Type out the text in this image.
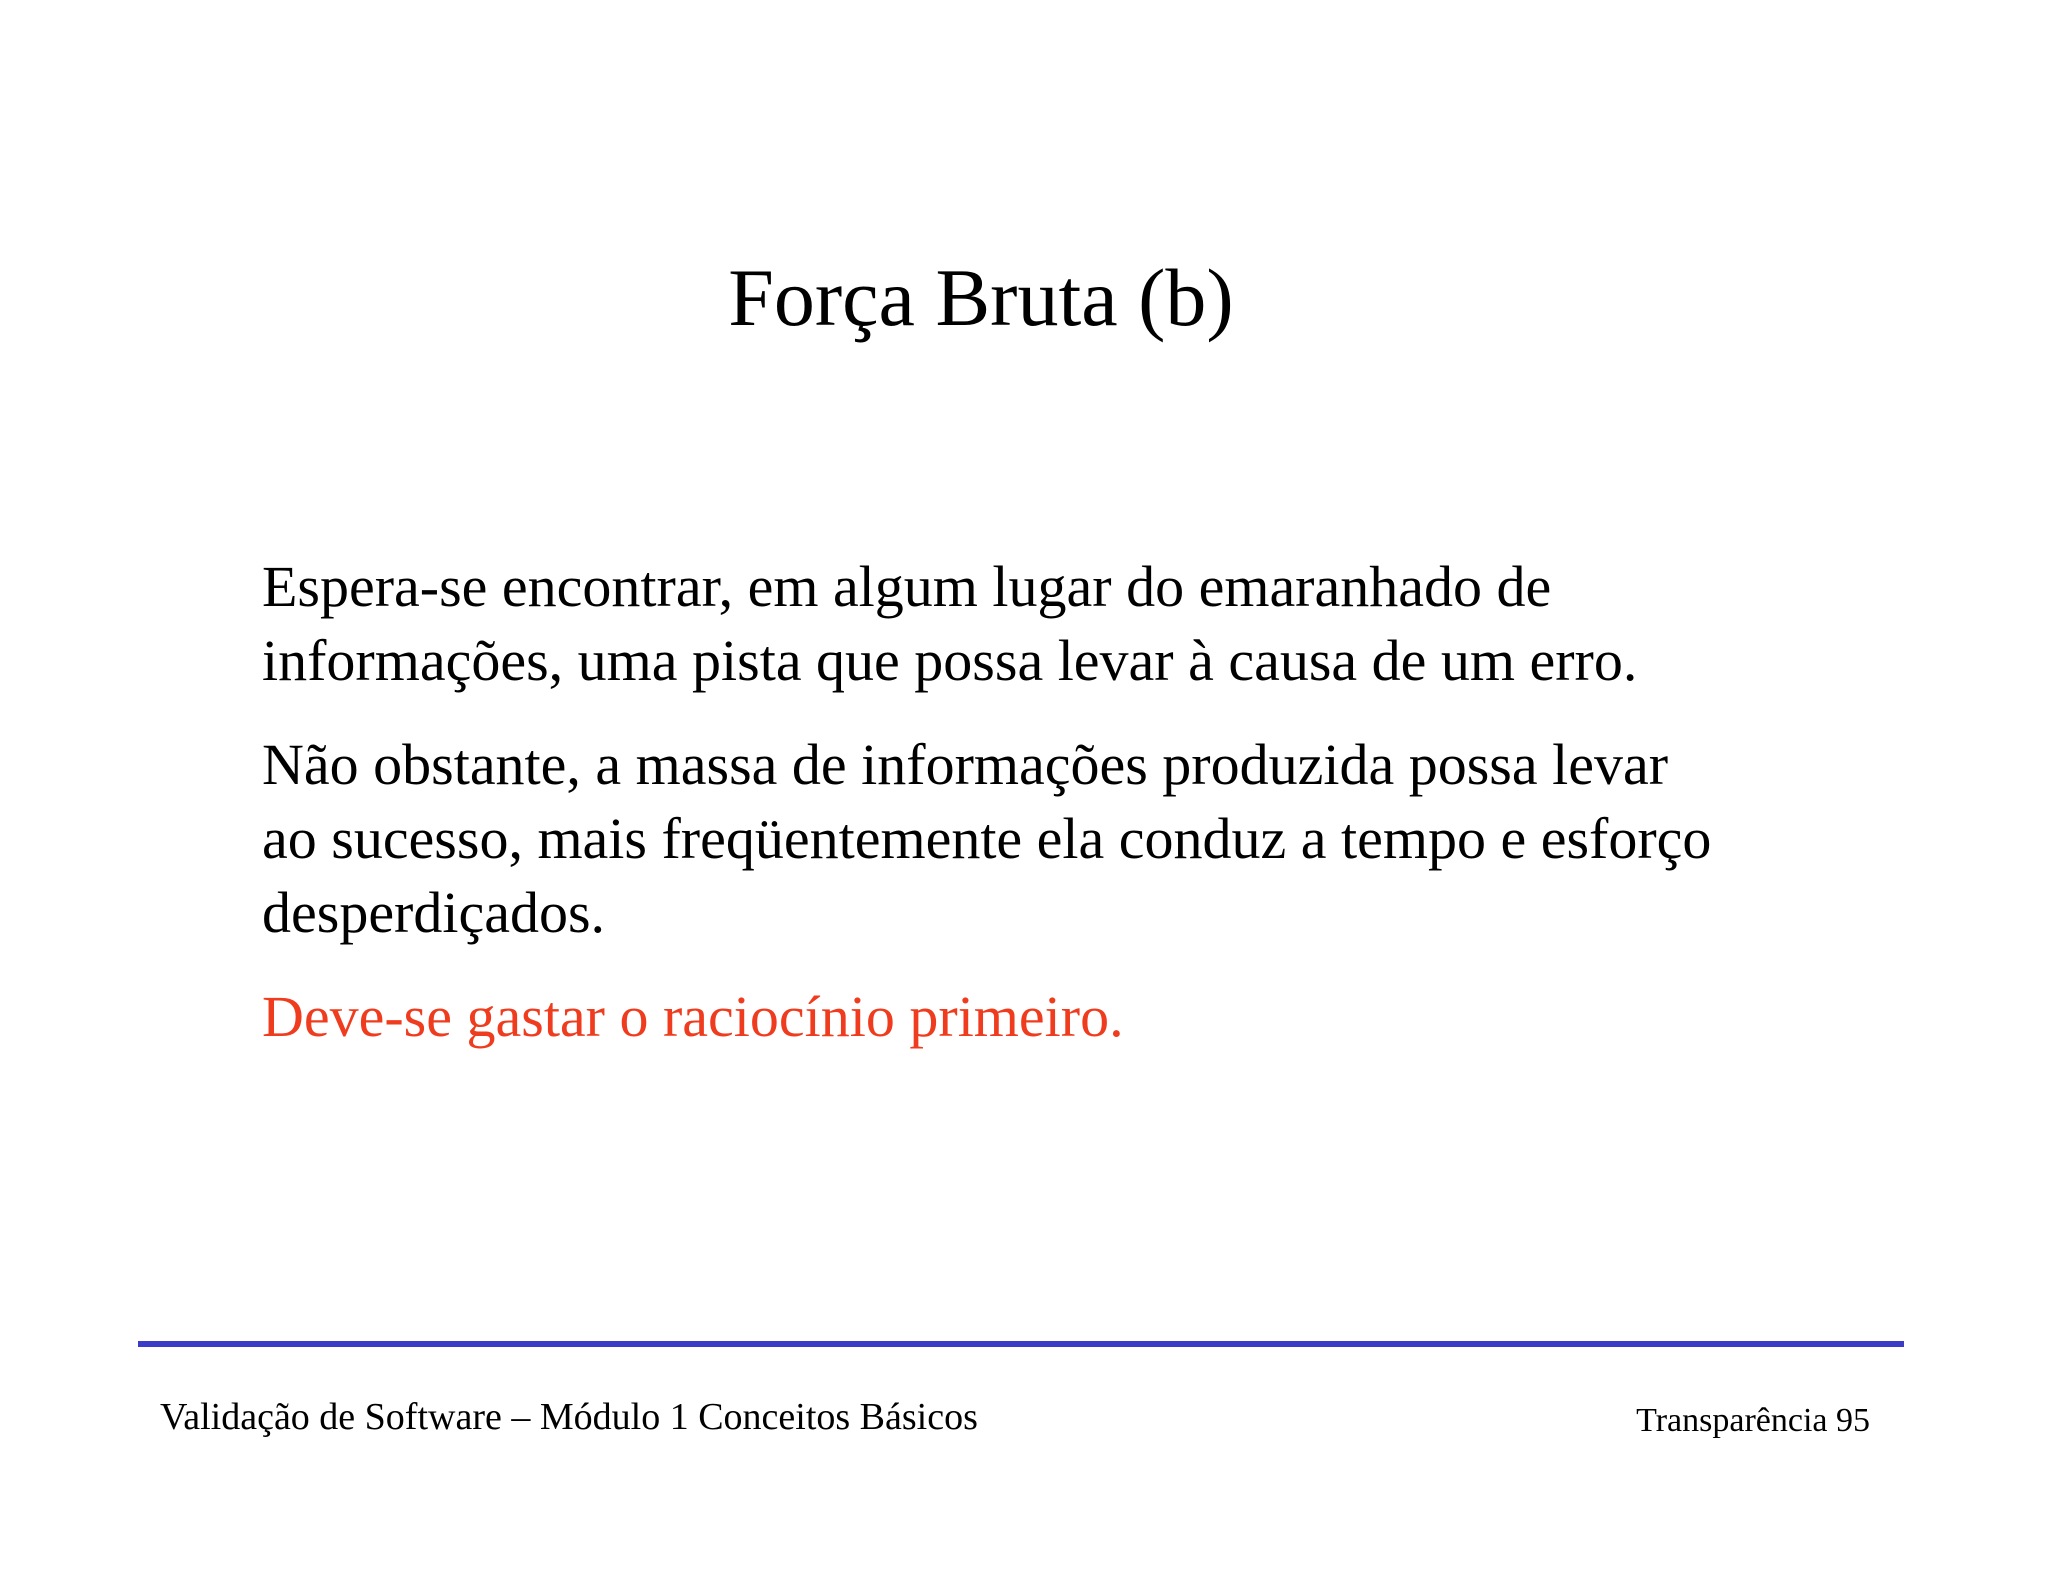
Força Bruta (b)

Espera-se encontrar, em algum lugar do emaranhado de
informações, uma pista que possa levar à causa de um erro.

Não obstante, a massa de informações produzida possa levar
ao sucesso, mais freqüentemente ela conduz a tempo e esforço
desperdiçados.

Deve-se gastar o raciocínio primeiro.

Validação de Software – Módulo 1 Conceitos Básicos	Transparência 95
